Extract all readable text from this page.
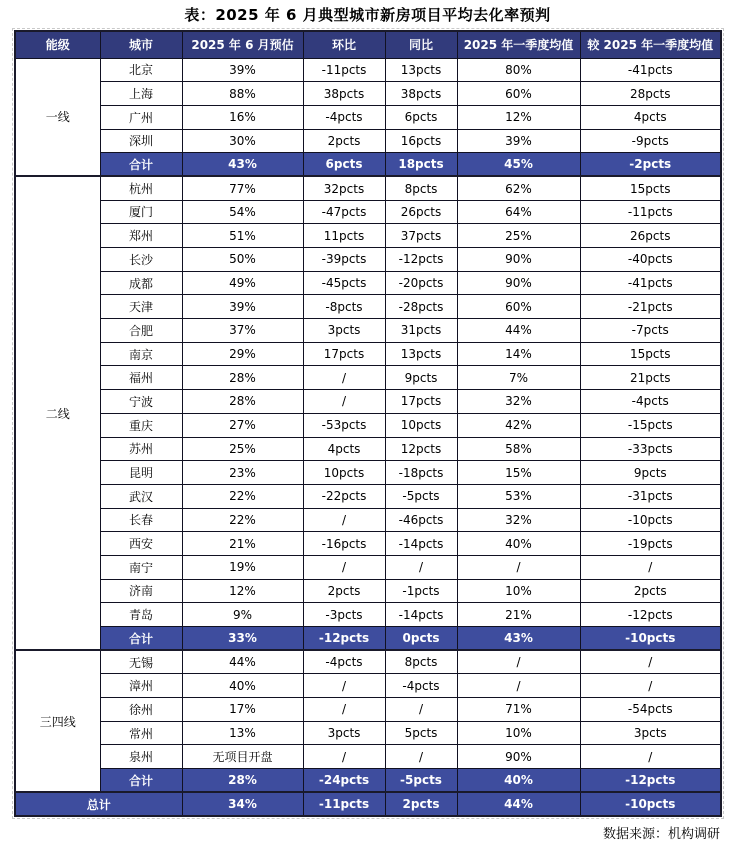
表：2025 年 6 月典型城市新房项目平均去化率预判
能级	城市	2025 年 6 月预估	环比	同比	2025 年一季度均值	较 2025 年一季度均值
一线	北京	39%	-11pcts	13pcts	80%	-41pcts
	上海	88%	38pcts	38pcts	60%	28pcts
	广州	16%	-4pcts	6pcts	12%	4pcts
	深圳	30%	2pcts	16pcts	39%	-9pcts
	合计	43%	6pcts	18pcts	45%	-2pcts
二线	杭州	77%	32pcts	8pcts	62%	15pcts
	厦门	54%	-47pcts	26pcts	64%	-11pcts
	郑州	51%	11pcts	37pcts	25%	26pcts
	长沙	50%	-39pcts	-12pcts	90%	-40pcts
	成都	49%	-45pcts	-20pcts	90%	-41pcts
	天津	39%	-8pcts	-28pcts	60%	-21pcts
	合肥	37%	3pcts	31pcts	44%	-7pcts
	南京	29%	17pcts	13pcts	14%	15pcts
	福州	28%	/	9pcts	7%	21pcts
	宁波	28%	/	17pcts	32%	-4pcts
	重庆	27%	-53pcts	10pcts	42%	-15pcts
	苏州	25%	4pcts	12pcts	58%	-33pcts
	昆明	23%	10pcts	-18pcts	15%	9pcts
	武汉	22%	-22pcts	-5pcts	53%	-31pcts
	长春	22%	/	-46pcts	32%	-10pcts
	西安	21%	-16pcts	-14pcts	40%	-19pcts
	南宁	19%	/	/	/	/
	济南	12%	2pcts	-1pcts	10%	2pcts
	青岛	9%	-3pcts	-14pcts	21%	-12pcts
	合计	33%	-12pcts	0pcts	43%	-10pcts
三四线	无锡	44%	-4pcts	8pcts	/	/
	漳州	40%	/	-4pcts	/	/
	徐州	17%	/	/	71%	-54pcts
	常州	13%	3pcts	5pcts	10%	3pcts
	泉州	无项目开盘	/	/	90%	/
	合计	28%	-24pcts	-5pcts	40%	-12pcts
总计		34%	-11pcts	2pcts	44%	-10pcts
数据来源：机构调研
